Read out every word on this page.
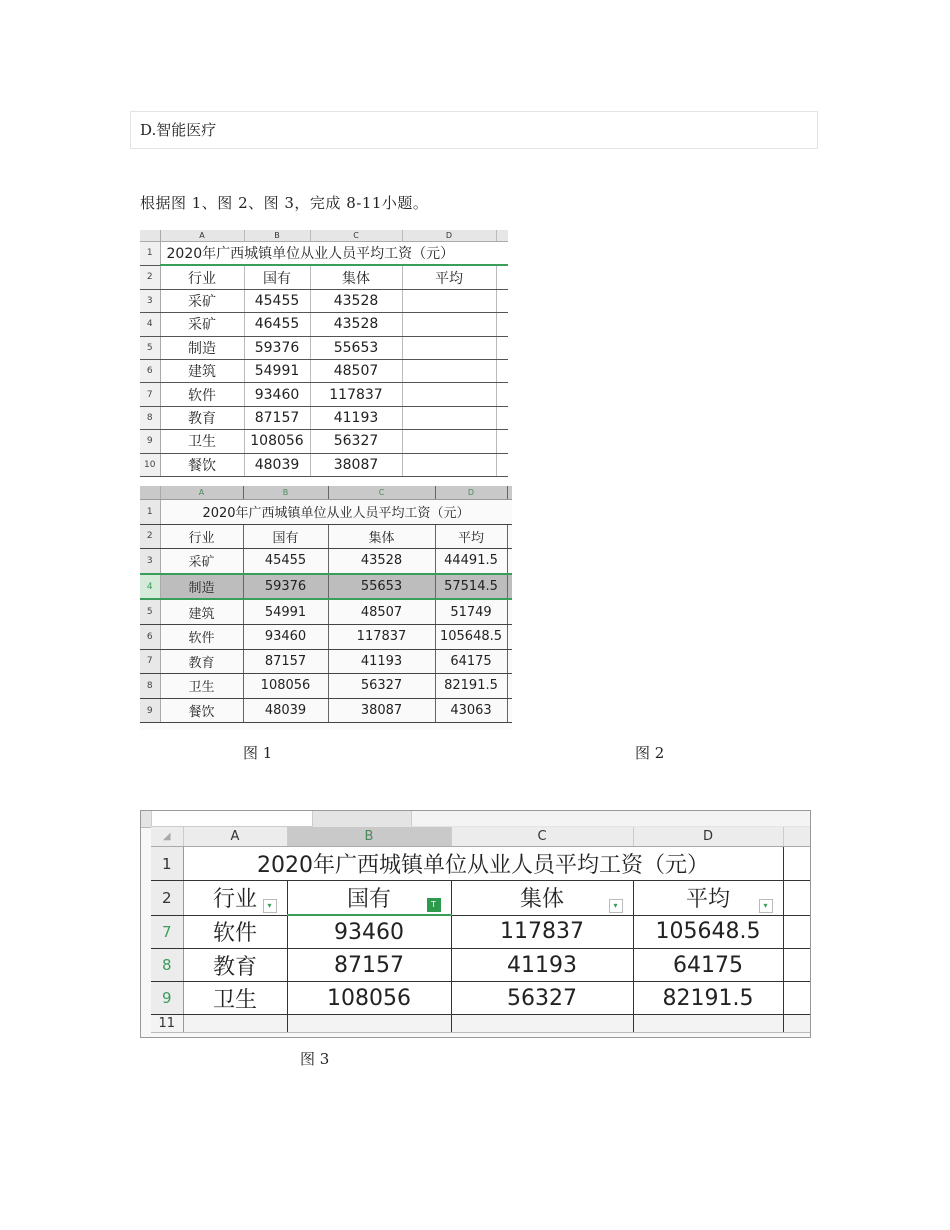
D.智能医疗
根据图 1、图 2、图 3，完成 8-11小题。
	A	B	C	D	
1	2020年广西城镇单位从业人员平均工资（元）				
2	行业	国有	集体	平均	
3	采矿	45455	43528		
4	采矿	46455	43528		
5	制造	59376	55653		
6	建筑	54991	48507		
7	软件	93460	117837		
8	教育	87157	41193		
9	卫生	108056	56327		
10	餐饮	48039	38087		
	A	B	C	D	
1	2020年广西城镇单位从业人员平均工资（元）				
2	行业	国有	集体	平均	
3	采矿	45455	43528	44491.5	
4	制造	59376	55653	57514.5	
5	建筑	54991	48507	51749	
6	软件	93460	117837	105648.5	
7	教育	87157	41193	64175	
8	卫生	108056	56327	82191.5	
9	餐饮	48039	38087	43063	
图 1	图 2
◢	A	B	C	D	
1	2020年广西城镇单位从业人员平均工资（元）				
2	行业 ▾	国有 T	集体 ▾	平均 ▾	

7	软件	93460	117837	105648.5	
8	教育	87157	41193	64175	
9	卫生	108056	56327	82191.5	
11					
图 3
